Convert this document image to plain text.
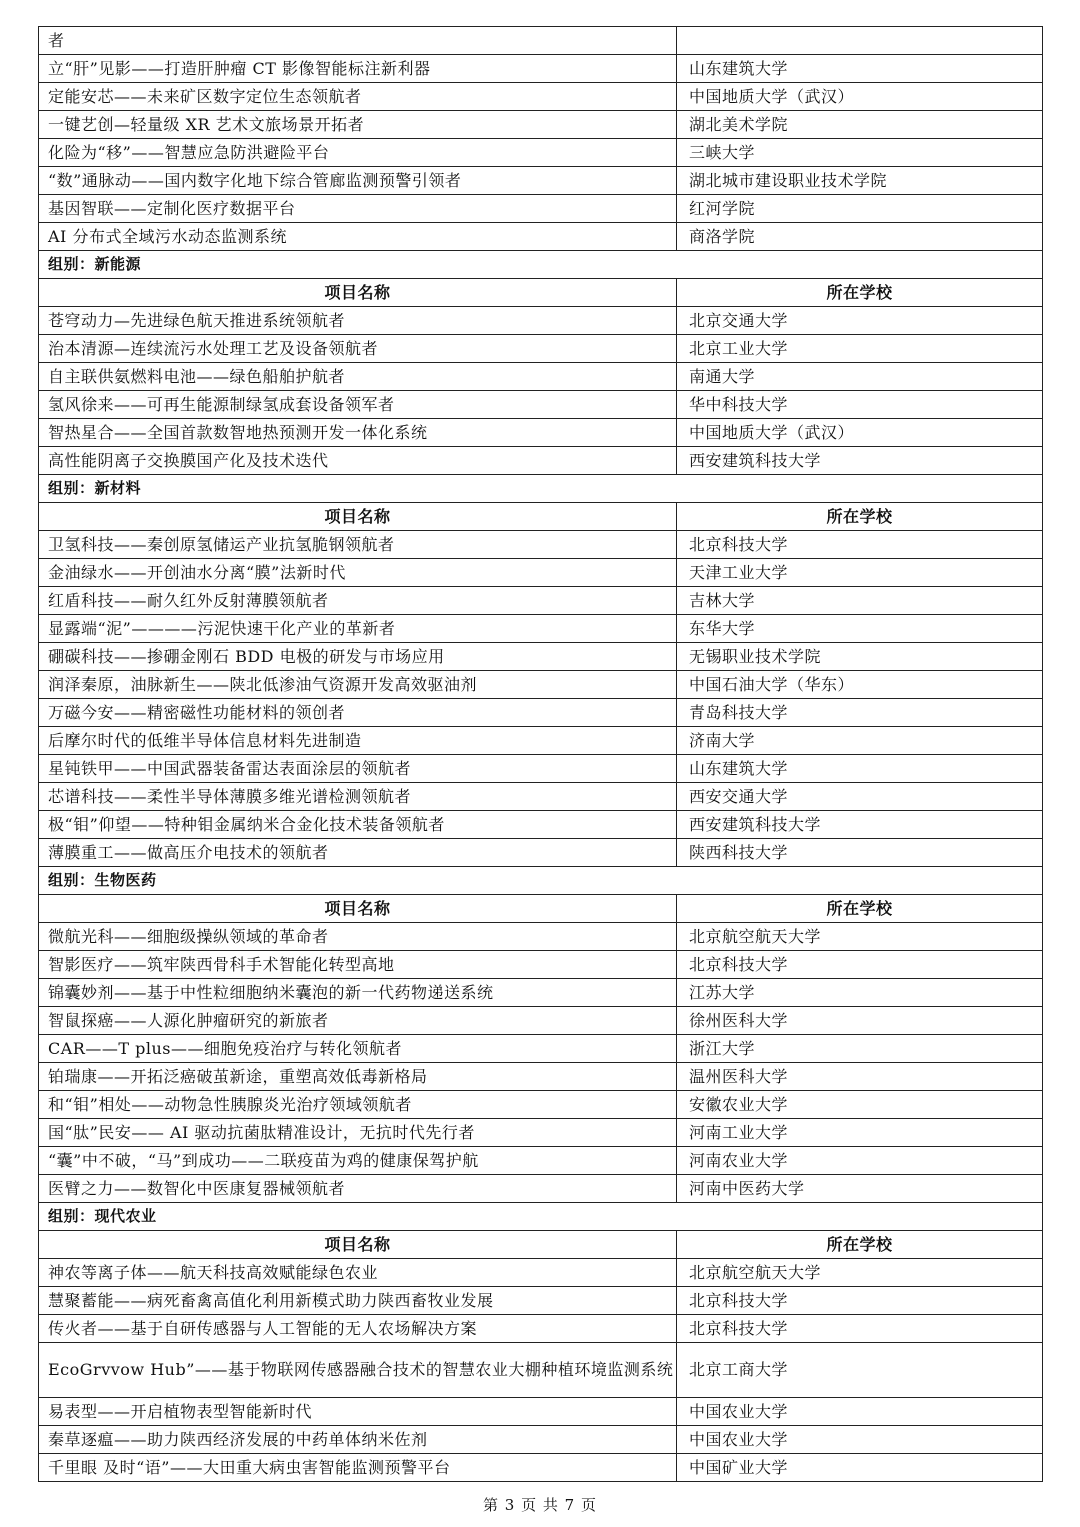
者	
立“肝”见影——打造肝肿瘤 CT 影像智能标注新利器	山东建筑大学
定能安芯——未来矿区数字定位生态领航者	中国地质大学（武汉）
一键艺创—轻量级 XR 艺术文旅场景开拓者	湖北美术学院
化险为“移”——智慧应急防洪避险平台	三峡大学
“数”通脉动——国内数字化地下综合管廊监测预警引领者	湖北城市建设职业技术学院
基因智联——定制化医疗数据平台	红河学院
AI 分布式全域污水动态监测系统	商洛学院
组别：新能源	
项目名称	所在学校
苍穹动力—先进绿色航天推进系统领航者	北京交通大学
治本清源—连续流污水处理工艺及设备领航者	北京工业大学
自主联供氨燃料电池——绿色船舶护航者	南通大学
氢风徐来——可再生能源制绿氢成套设备领军者	华中科技大学
智热星合——全国首款数智地热预测开发一体化系统	中国地质大学（武汉）
高性能阴离子交换膜国产化及技术迭代	西安建筑科技大学
组别：新材料	
项目名称	所在学校
卫氢科技——秦创原氢储运产业抗氢脆钢领航者	北京科技大学
金油绿水——开创油水分离“膜”法新时代	天津工业大学
红盾科技——耐久红外反射薄膜领航者	吉林大学
显露端“泥”————污泥快速干化产业的革新者	东华大学
硼碳科技——掺硼金刚石 BDD 电极的研发与市场应用	无锡职业技术学院
润泽秦原，油脉新生——陕北低渗油气资源开发高效驱油剂	中国石油大学（华东）
万磁今安——精密磁性功能材料的领创者	青岛科技大学
后摩尔时代的低维半导体信息材料先进制造	济南大学
星钝铁甲——中国武器装备雷达表面涂层的领航者	山东建筑大学
芯谱科技——柔性半导体薄膜多维光谱检测领航者	西安交通大学
极“钼”仰望——特种钼金属纳米合金化技术装备领航者	西安建筑科技大学
薄膜重工——做高压介电技术的领航者	陕西科技大学
组别：生物医药	
项目名称	所在学校
微航光科——细胞级操纵领域的革命者	北京航空航天大学
智影医疗——筑牢陕西骨科手术智能化转型高地	北京科技大学
锦囊妙剂——基于中性粒细胞纳米囊泡的新一代药物递送系统	江苏大学
智鼠探癌——人源化肿瘤研究的新旅者	徐州医科大学
CAR——T plus——细胞免疫治疗与转化领航者	浙江大学
铂瑞康——开拓泛癌破茧新途，重塑高效低毒新格局	温州医科大学
和“钼”相处——动物急性胰腺炎光治疗领域领航者	安徽农业大学
国“肽”民安—— AI 驱动抗菌肽精准设计，无抗时代先行者	河南工业大学
“囊”中不破，“马”到成功——二联疫苗为鸡的健康保驾护航	河南农业大学
医臂之力——数智化中医康复器械领航者	河南中医药大学
组别：现代农业	
项目名称	所在学校
神农等离子体——航天科技高效赋能绿色农业	北京航空航天大学
慧聚蓄能——病死畜禽高值化利用新模式助力陕西畜牧业发展	北京科技大学
传火者——基于自研传感器与人工智能的无人农场解决方案	北京科技大学
EcoGrvvow Hub”——基于物联网传感器融合技术的智慧农业大棚种植环境监测系统	北京工商大学
易表型——开启植物表型智能新时代	中国农业大学
秦草逐瘟——助力陕西经济发展的中药单体纳米佐剂	中国农业大学
千里眼 及时“语”——大田重大病虫害智能监测预警平台	中国矿业大学
第 3 页 共 7 页
